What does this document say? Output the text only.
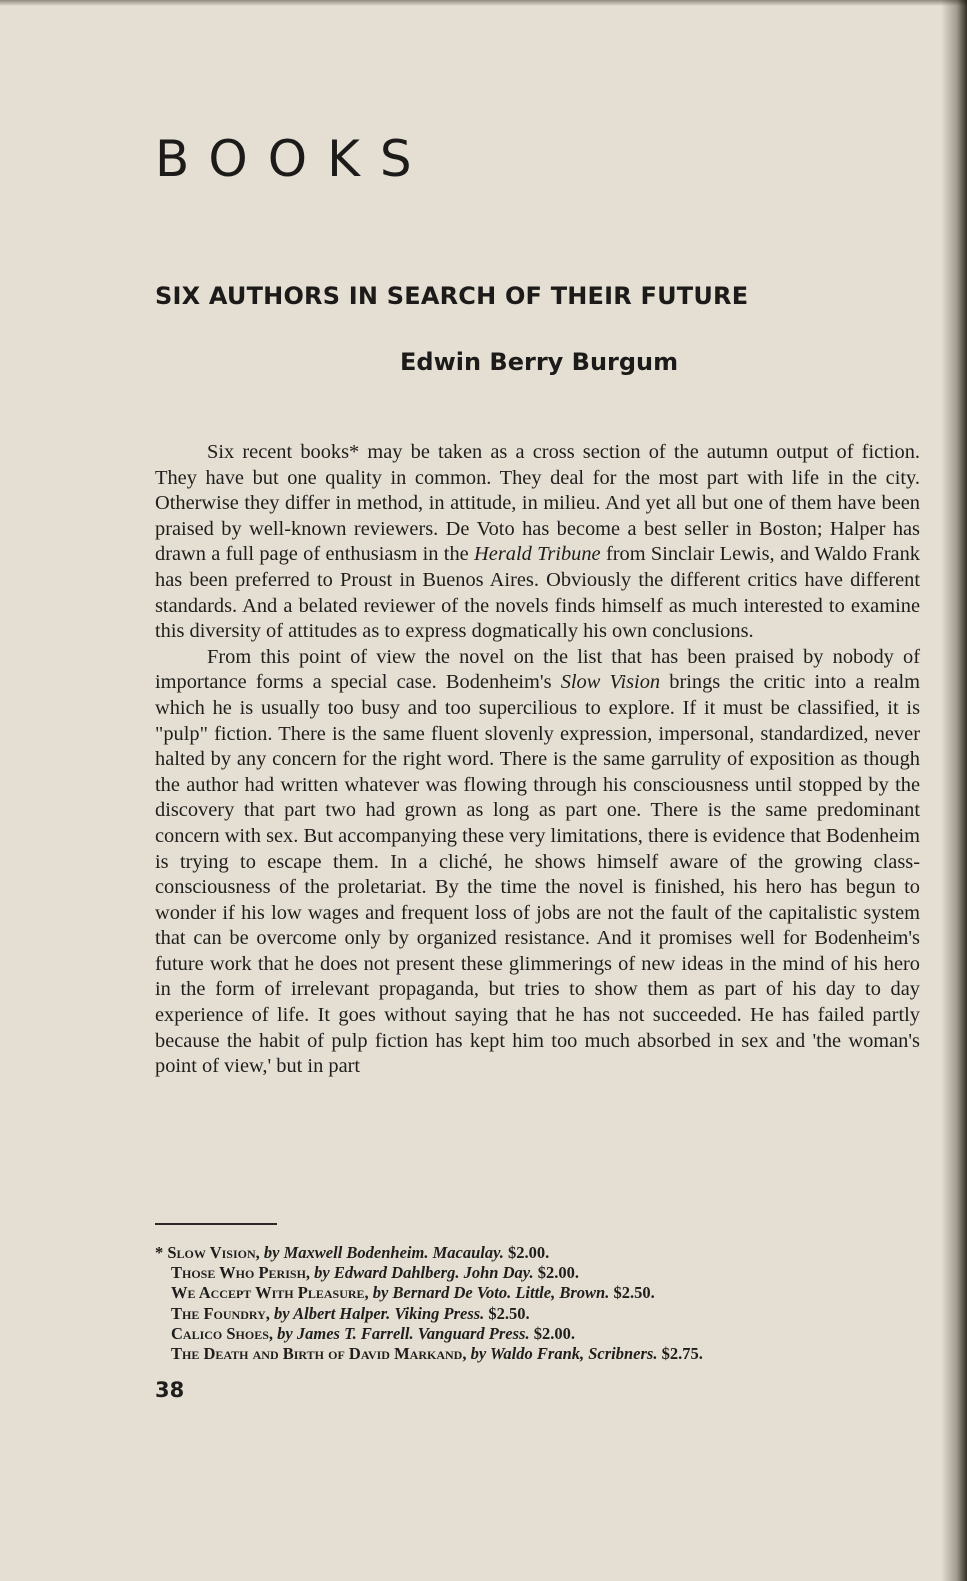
BOOKS
SIX AUTHORS IN SEARCH OF THEIR FUTURE
Edwin Berry Burgum

Six recent books* may be taken as a cross section of the autumn output of fiction. They have but one quality in common. They deal for the most part with life in the city. Otherwise they differ in method, in attitude, in milieu. And yet all but one of them have been praised by well-known reviewers. De Voto has become a best seller in Boston; Halper has drawn a full page of enthusiasm in the Herald Tribune from Sinclair Lewis, and Waldo Frank has been preferred to Proust in Buenos Aires. Obviously the different critics have different standards. And a belated reviewer of the novels finds himself as much interested to examine this diversity of attitudes as to express dogmatically his own conclusions.

From this point of view the novel on the list that has been praised by nobody of importance forms a special case. Bodenheim's Slow Vision brings the critic into a realm which he is usually too busy and too supercilious to explore. If it must be classified, it is "pulp" fiction. There is the same fluent slovenly expression, impersonal, standardized, never halted by any concern for the right word. There is the same garrulity of exposition as though the author had written whatever was flowing through his consciousness until stopped by the discovery that part two had grown as long as part one. There is the same predominant concern with sex. But accompanying these very limitations, there is evidence that Bodenheim is trying to escape them. In a cliché, he shows himself aware of the growing class-consciousness of the proletariat. By the time the novel is finished, his hero has begun to wonder if his low wages and frequent loss of jobs are not the fault of the capitalistic system that can be overcome only by organized resistance. And it promises well for Bodenheim's future work that he does not present these glimmerings of new ideas in the mind of his hero in the form of irrelevant propaganda, but tries to show them as part of his day to day experience of life. It goes without saying that he has not succeeded. He has failed partly because the habit of pulp fiction has kept him too much absorbed in sex and 'the woman's point of view,' but in part

* Slow Vision, by Maxwell Bodenheim. Macaulay. $2.00.
Those Who Perish, by Edward Dahlberg. John Day. $2.00.
We Accept With Pleasure, by Bernard De Voto. Little, Brown. $2.50.
The Foundry, by Albert Halper. Viking Press. $2.50.
Calico Shoes, by James T. Farrell. Vanguard Press. $2.00.
The Death and Birth of David Markand, by Waldo Frank, Scribners. $2.75.
38
